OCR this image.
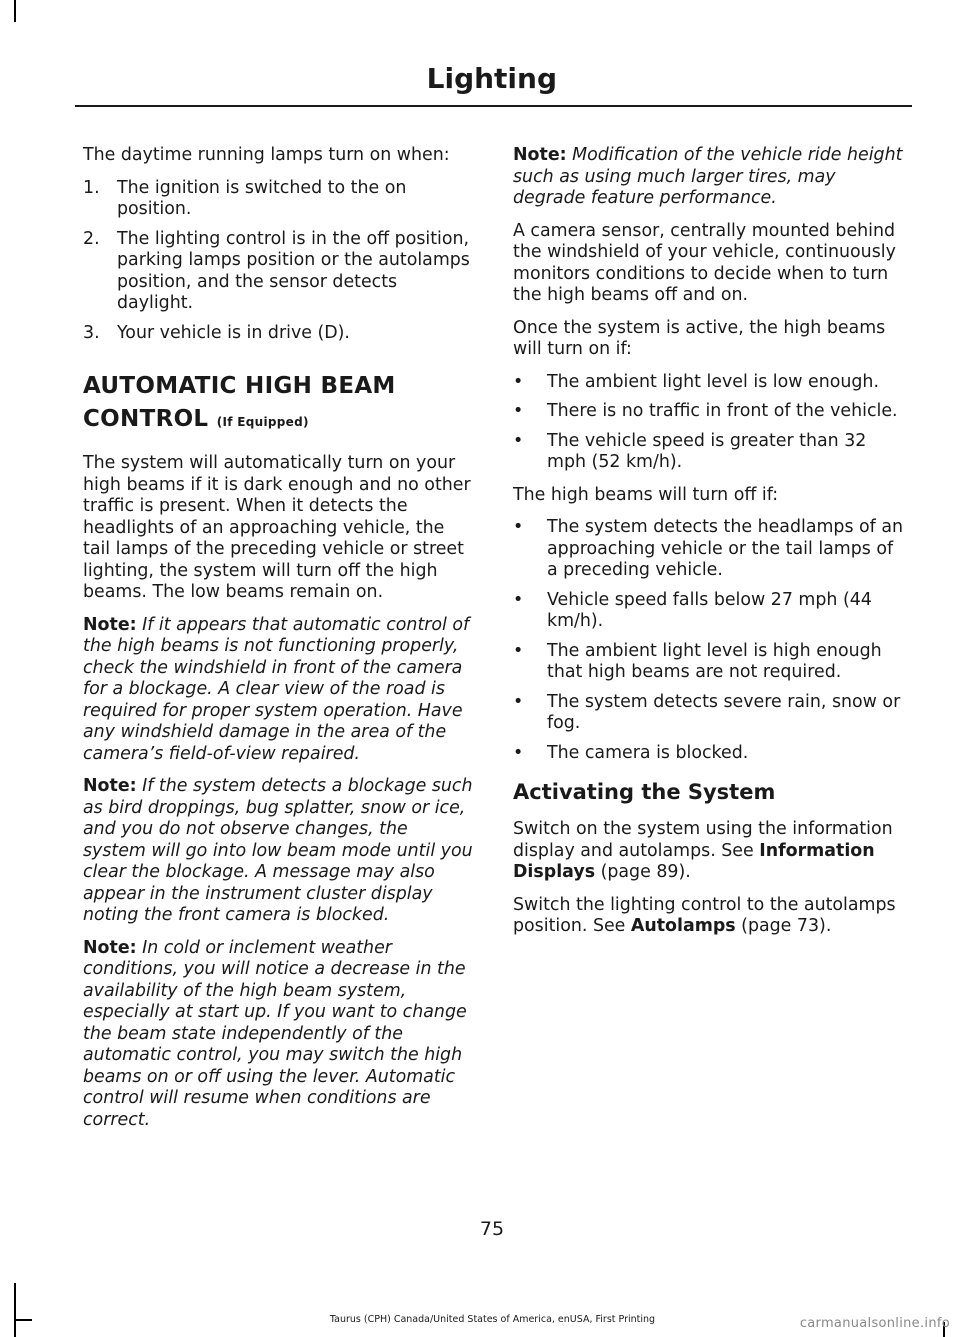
Lighting

The daytime running lamps turn on when:

1. The ignition is switched to the on position.
2. The lighting control is in the off position, parking lamps position or the autolamps position, and the sensor detects daylight.
3. Your vehicle is in drive (D).
AUTOMATIC HIGH BEAM
CONTROL (If Equipped)

The system will automatically turn on your high beams if it is dark enough and no other traffic is present. When it detects the headlights of an approaching vehicle, the tail lamps of the preceding vehicle or street lighting, the system will turn off the high beams. The low beams remain on.

Note: If it appears that automatic control of the high beams is not functioning properly, check the windshield in front of the camera for a blockage. A clear view of the road is required for proper system operation. Have any windshield damage in the area of the camera’s field-of-view repaired.

Note: If the system detects a blockage such as bird droppings, bug splatter, snow or ice, and you do not observe changes, the system will go into low beam mode until you clear the blockage. A message may also appear in the instrument cluster display noting the front camera is blocked.

Note: In cold or inclement weather conditions, you will notice a decrease in the availability of the high beam system, especially at start up. If you want to change the beam state independently of the automatic control, you may switch the high beams on or off using the lever. Automatic control will resume when conditions are correct.

Note: Modification of the vehicle ride height such as using much larger tires, may degrade feature performance.

A camera sensor, centrally mounted behind the windshield of your vehicle, continuously monitors conditions to decide when to turn the high beams off and on.

Once the system is active, the high beams will turn on if:

• The ambient light level is low enough.
• There is no traffic in front of the vehicle.
• The vehicle speed is greater than 32 mph (52 km/h).

The high beams will turn off if:

• The system detects the headlamps of an approaching vehicle or the tail lamps of a preceding vehicle.
• Vehicle speed falls below 27 mph (44 km/h).
• The ambient light level is high enough that high beams are not required.
• The system detects severe rain, snow or fog.
• The camera is blocked.
Activating the System

Switch on the system using the information display and autolamps. See Information Displays (page 89).

Switch the lighting control to the autolamps position. See Autolamps (page 73).

75

Taurus (CPH) Canada/United States of America, enUSA, First Printing	carmanualsonline.info
